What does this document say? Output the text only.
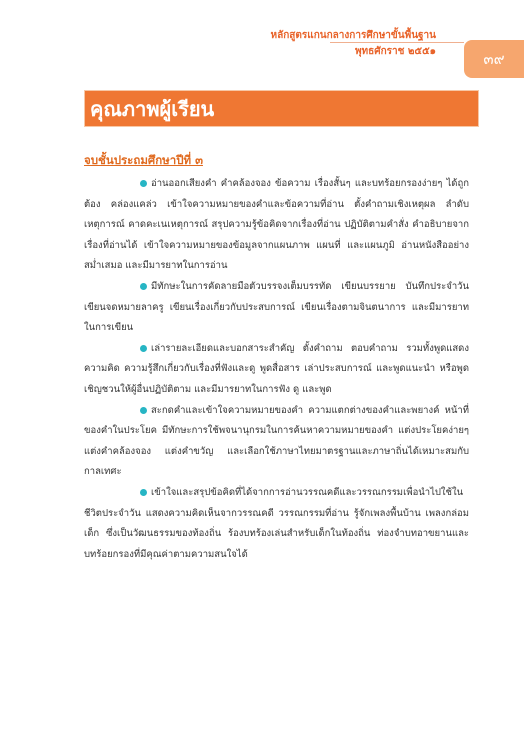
หลักสูตรแกนกลางการศึกษาขั้นพื้นฐาน
พุทธศักราช ๒๕๕๑	๓๙
คุณภาพผู้เรียน
จบชั้นประถมศึกษาปีที่ ๓

อ่านออกเสียงคำ คำคล้องจอง ข้อความ เรื่องสั้นๆ และบทร้อยกรองง่ายๆ ได้ถูกต้อง คล่องแคล่ว เข้าใจความหมายของคำและข้อความที่อ่าน ตั้งคำถามเชิงเหตุผล ลำดับเหตุการณ์ คาดคะเนเหตุการณ์ สรุปความรู้ข้อคิดจากเรื่องที่อ่าน ปฏิบัติตามคำสั่ง คำอธิบายจากเรื่องที่อ่านได้ เข้าใจความหมายของข้อมูลจากแผนภาพ แผนที่ และแผนภูมิ อ่านหนังสืออย่างสม่ำเสมอ และมีมารยาทในการอ่าน

มีทักษะในการคัดลายมือตัวบรรจงเต็มบรรทัด เขียนบรรยาย บันทึกประจำวัน เขียนจดหมายลาครู เขียนเรื่องเกี่ยวกับประสบการณ์ เขียนเรื่องตามจินตนาการ และมีมารยาทในการเขียน

เล่ารายละเอียดและบอกสาระสำคัญ ตั้งคำถาม ตอบคำถาม รวมทั้งพูดแสดงความคิด ความรู้สึกเกี่ยวกับเรื่องที่ฟังและดู พูดสื่อสาร เล่าประสบการณ์ และพูดแนะนำ หรือพูดเชิญชวนให้ผู้อื่นปฏิบัติตาม และมีมารยาทในการฟัง ดู และพูด

สะกดคำและเข้าใจความหมายของคำ ความแตกต่างของคำและพยางค์ หน้าที่ของคำในประโยค มีทักษะการใช้พจนานุกรมในการค้นหาความหมายของคำ แต่งประโยคง่ายๆ แต่งคำคล้องจอง แต่งคำขวัญ และเลือกใช้ภาษาไทยมาตรฐานและภาษาถิ่นได้เหมาะสมกับกาลเทศะ

เข้าใจและสรุปข้อคิดที่ได้จากการอ่านวรรณคดีและวรรณกรรมเพื่อนำไปใช้ในชีวิตประจำวัน แสดงความคิดเห็นจากวรรณคดี วรรณกรรมที่อ่าน รู้จักเพลงพื้นบ้าน เพลงกล่อมเด็ก ซึ่งเป็นวัฒนธรรมของท้องถิ่น ร้องบทร้องเล่นสำหรับเด็กในท้องถิ่น ท่องจำบทอาขยานและบทร้อยกรองที่มีคุณค่าตามความสนใจได้
